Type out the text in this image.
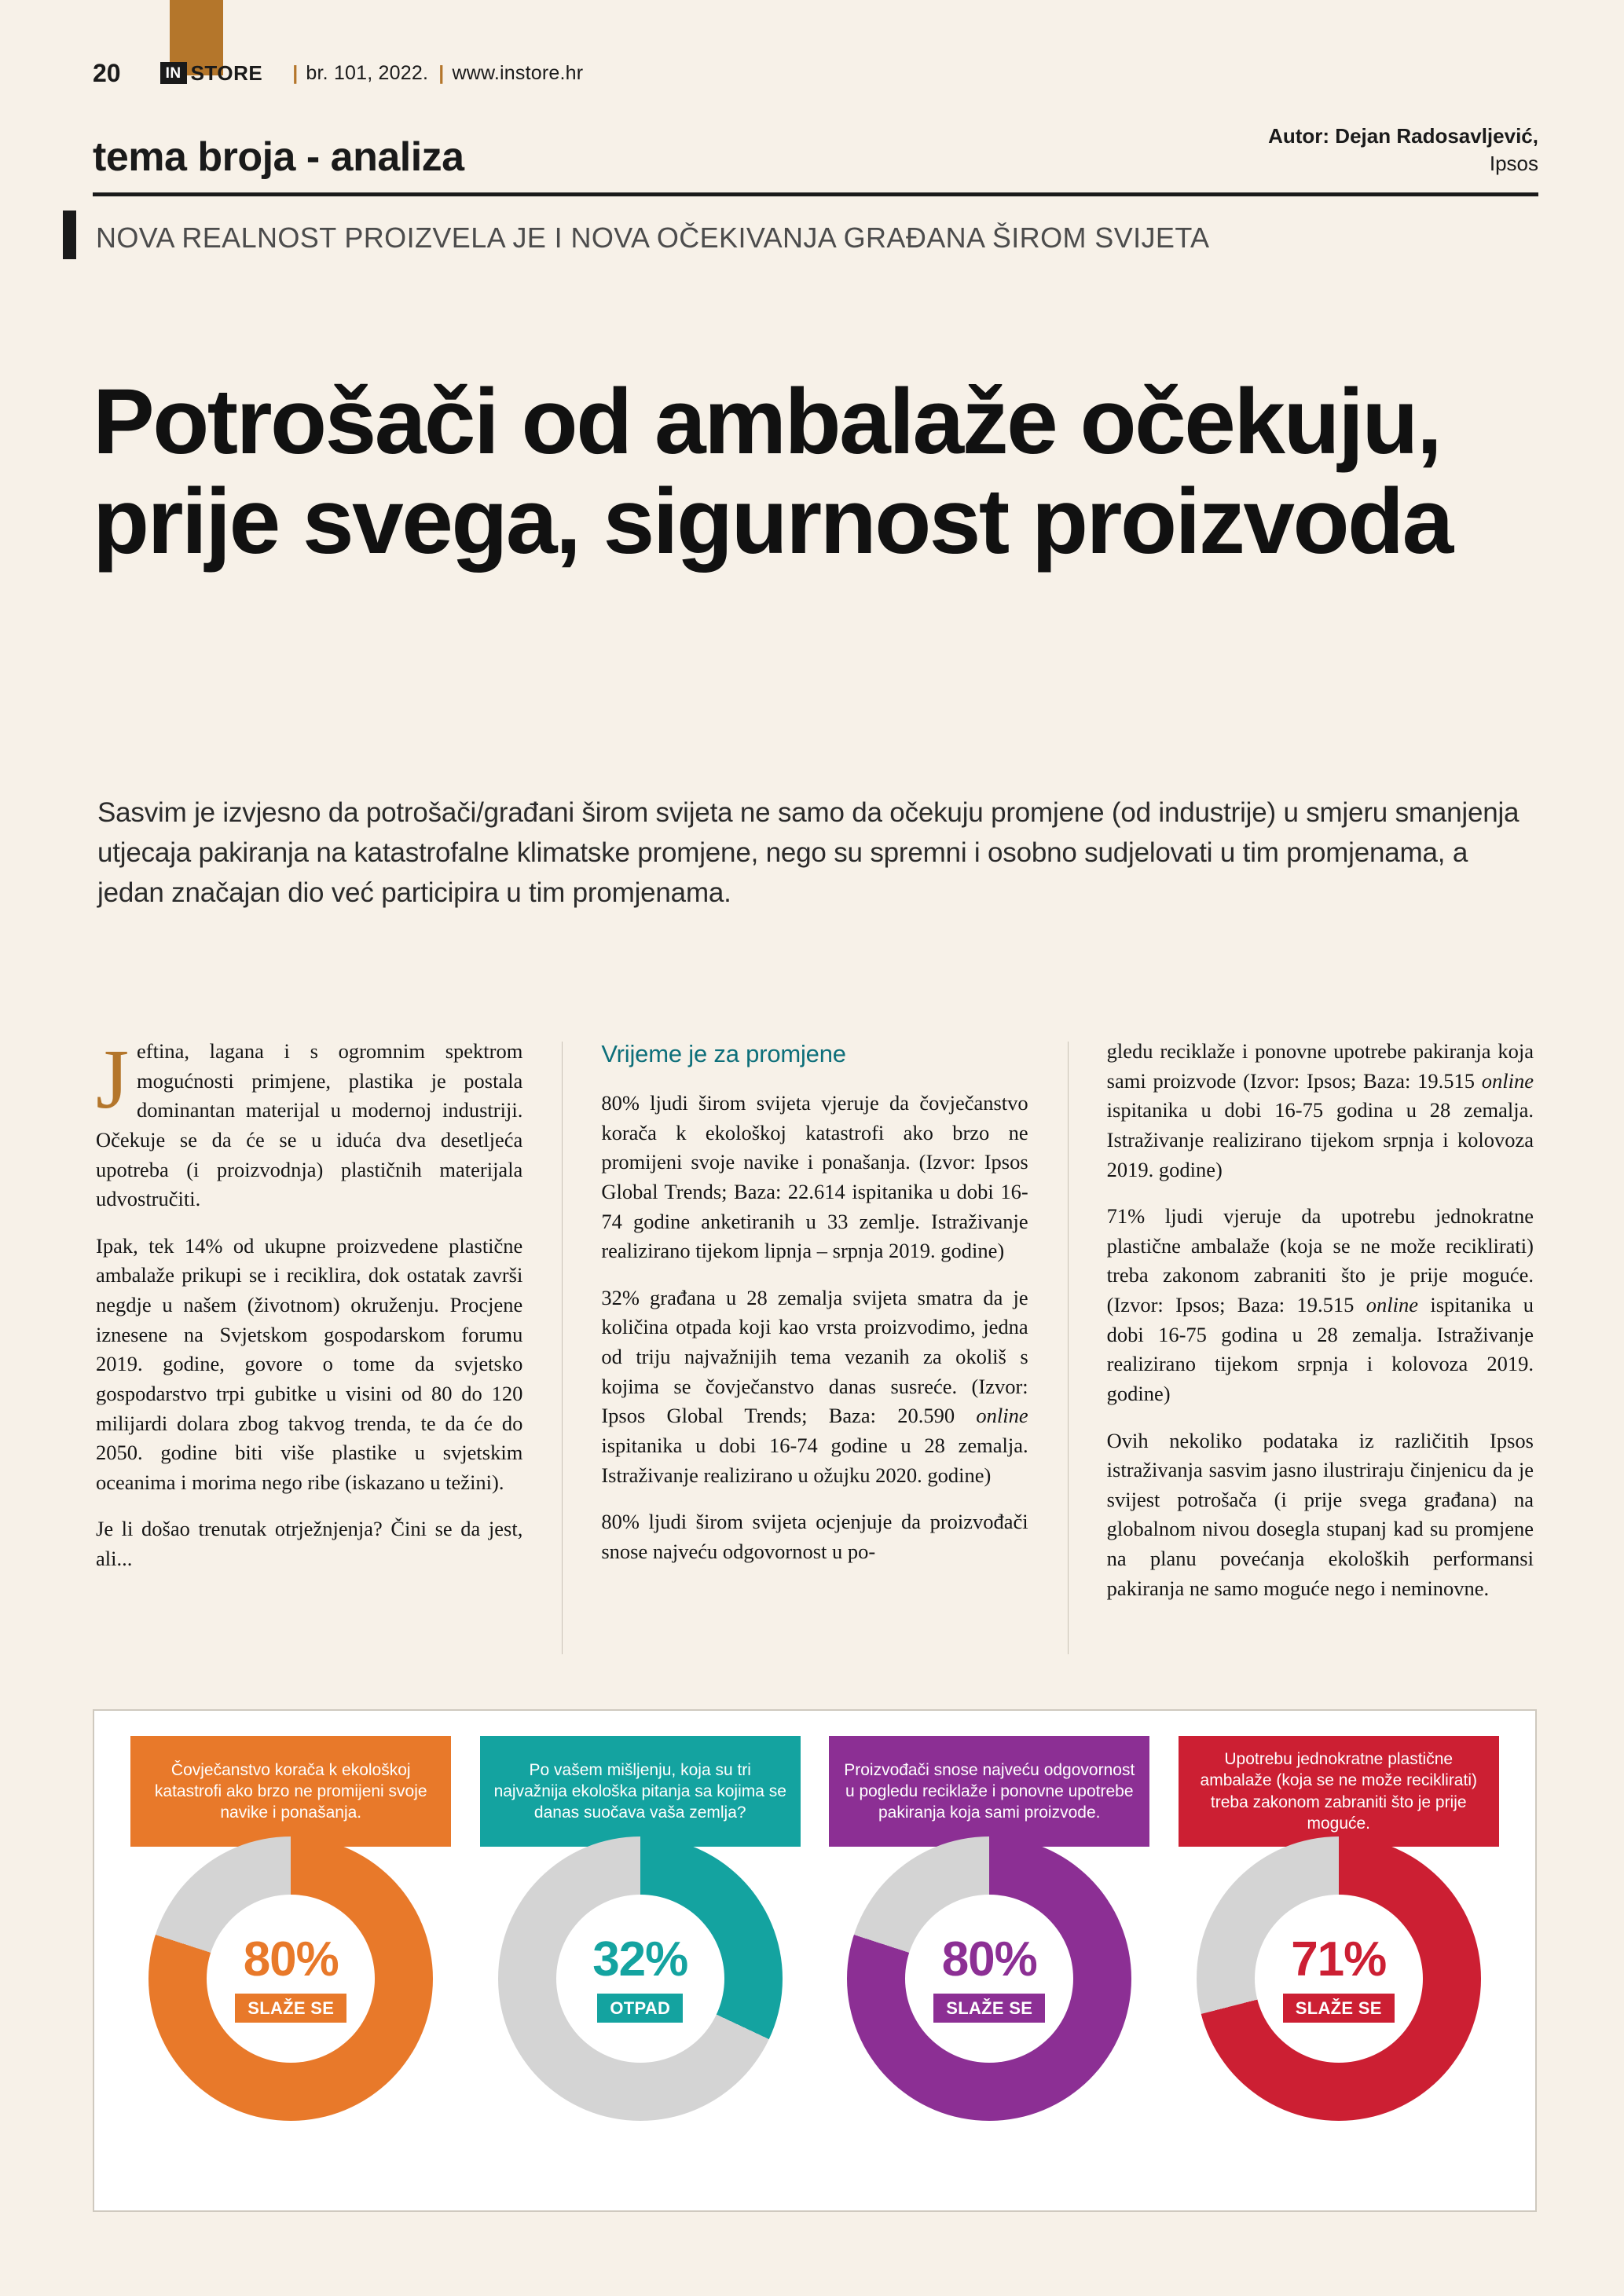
20	IN STORE | br. 101, 2022. | www.instore.hr
tema broja - analiza	Autor: Dejan Radosavljević,
Ipsos
NOVA REALNOST PROIZVELA JE I NOVA OČEKIVANJA GRAĐANA ŠIROM SVIJETA
Potrošači od ambalaže očekuju, prije svega, sigurnost proizvoda
Sasvim je izvjesno da potrošači/građani širom svijeta ne samo da očekuju promjene (od industrije) u smjeru smanjenja utjecaja pakiranja na katastrofalne klimatske promjene, nego su spremni i osobno sudjelovati u tim promjenama, a jedan značajan dio već participira u tim promjenama.

Jeftina, lagana i s ogromnim spektrom mogućnosti primjene, plastika je postala dominantan materijal u modernoj industriji. Očekuje se da će se u iduća dva desetljeća upotreba (i proizvodnja) plastičnih materijala udvostručiti.

Ipak, tek 14% od ukupne proizvedene plastične ambalaže prikupi se i reciklira, dok ostatak završi negdje u našem (životnom) okruženju. Procjene iznesene na Svjetskom gospodarskom forumu 2019. godine, govore o tome da svjetsko gospodarstvo trpi gubitke u visini od 80 do 120 milijardi dolara zbog takvog trenda, te da će do 2050. godine biti više plastike u svjetskim oceanima i morima nego ribe (iskazano u težini).

Je li došao trenutak otrježnjenja? Čini se da jest, ali...

Vrijeme je za promjene

80% ljudi širom svijeta vjeruje da čovječanstvo korača k ekološkoj katastrofi ako brzo ne promijeni svoje navike i ponašanja. (Izvor: Ipsos Global Trends; Baza: 22.614 ispitanika u dobi 16-74 godine anketiranih u 33 zemlje. Istraživanje realizirano tijekom lipnja – srpnja 2019. godine)

32% građana u 28 zemalja svijeta smatra da je količina otpada koji kao vrsta proizvodimo, jedna od triju najvažnijih tema vezanih za okoliš s kojima se čovječanstvo danas susreće. (Izvor: Ipsos Global Trends; Baza: 20.590 online ispitanika u dobi 16-74 godine u 28 zemalja. Istraživanje realizirano u ožujku 2020. godine)

80% ljudi širom svijeta ocjenjuje da proizvođači snose najveću odgovornost u po-

gledu reciklaže i ponovne upotrebe pakiranja koja sami proizvode (Izvor: Ipsos; Baza: 19.515 online ispitanika u dobi 16-75 godina u 28 zemalja. Istraživanje realizirano tijekom srpnja i kolovoza 2019. godine)

71% ljudi vjeruje da upotrebu jednokratne plastične ambalaže (koja se ne može reciklirati) treba zakonom zabraniti što je prije moguće. (Izvor: Ipsos; Baza: 19.515 online ispitanika u dobi 16-75 godina u 28 zemalja. Istraživanje realizirano tijekom srpnja i kolovoza 2019. godine)

Ovih nekoliko podataka iz različitih Ipsos istraživanja sasvim jasno ilustriraju činjenicu da je svijest potrošača (i prije svega građana) na globalnom nivou dosegla stupanj kad su promjene na planu povećanja ekoloških performansi pakiranja ne samo moguće nego i neminovne.

Čovječanstvo korača k ekološkoj katastrofi ako brzo ne promijeni svoje navike i ponašanja.
Po vašem mišljenju, koja su tri najvažnija ekološka pitanja sa kojima se danas suočava vaša zemlja?
Proizvođači snose najveću odgovornost u pogledu reciklaže i ponovne upotrebe pakiranja koja sami proizvode.
Upotrebu jednokratne plastične ambalaže (koja se ne može reciklirati) treba zakonom zabraniti što je prije moguće.
80%
SLAŽE SE
32%
OTPAD
80%
SLAŽE SE
71%
SLAŽE SE
